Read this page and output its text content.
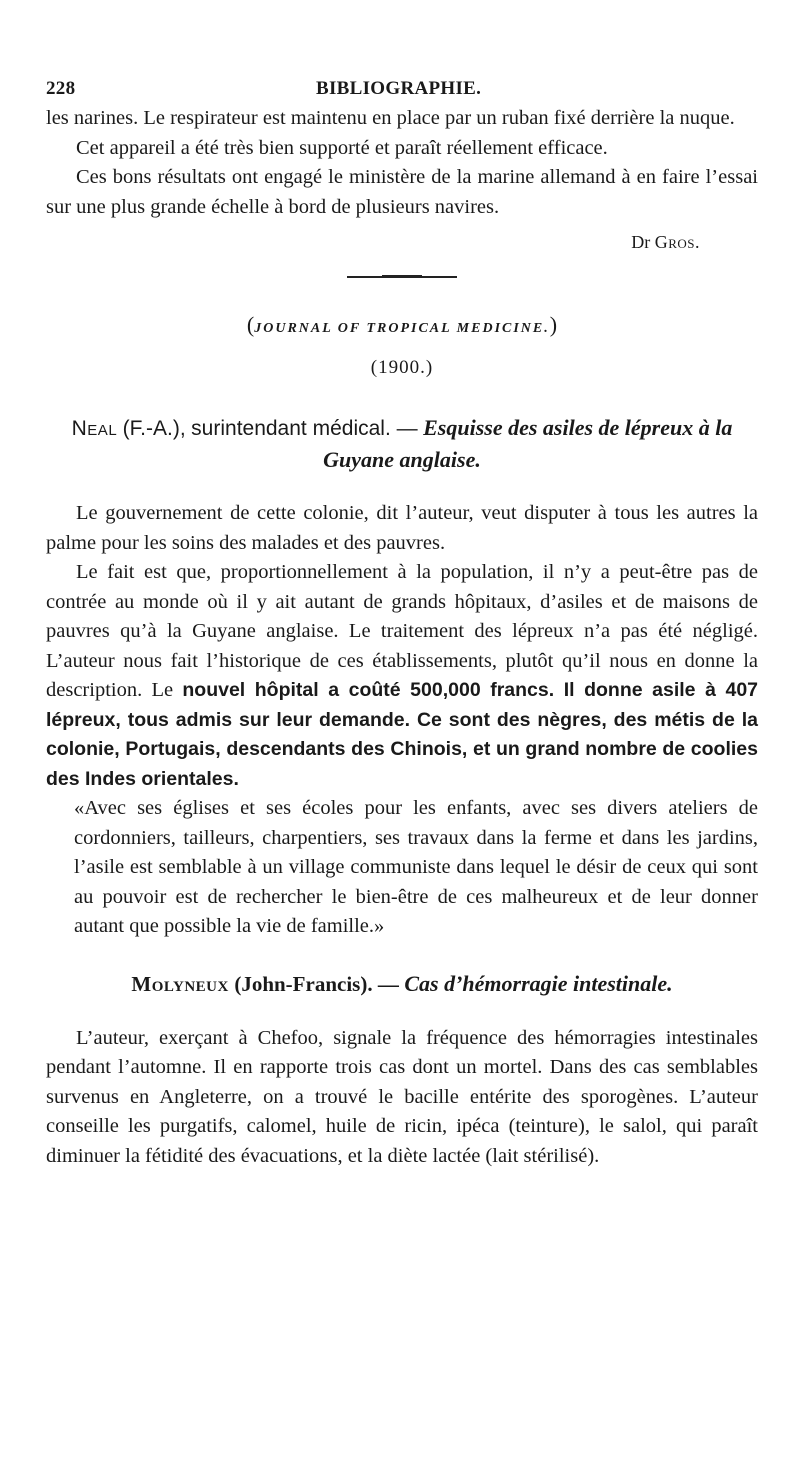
228	BIBLIOGRAPHIE.

les narines. Le respirateur est maintenu en place par un ruban fixé derrière la nuque.

Cet appareil a été très bien supporté et paraît réellement efficace.

Ces bons résultats ont engagé le ministère de la marine allemand à en faire l’essai sur une plus grande échelle à bord de plusieurs navires.

Dr Gros.
(JOURNAL OF TROPICAL MEDICINE.)
(1900.)
Neal (F.-A.), surintendant médical. — Esquisse des asiles de lépreux à la Guyane anglaise.

Le gouvernement de cette colonie, dit l’auteur, veut disputer à tous les autres la palme pour les soins des malades et des pauvres.

Le fait est que, proportionnellement à la population, il n’y a peut-être pas de contrée au monde où il y ait autant de grands hôpitaux, d’asiles et de maisons de pauvres qu’à la Guyane anglaise. Le traitement des lépreux n’a pas été négligé. L’auteur nous fait l’historique de ces établissements, plutôt qu’il nous en donne la description. Le nouvel hôpital a coûté 500,000 francs. Il donne asile à 407 lépreux, tous admis sur leur demande. Ce sont des nègres, des métis de la colonie, Portugais, descendants des Chinois, et un grand nombre de coolies des Indes orientales.

«Avec ses églises et ses écoles pour les enfants, avec ses divers ateliers de cordonniers, tailleurs, charpentiers, ses travaux dans la ferme et dans les jardins, l’asile est semblable à un village communiste dans lequel le désir de ceux qui sont au pouvoir est de rechercher le bien-être de ces malheureux et de leur donner autant que possible la vie de famille.»

Molyneux (John-Francis). — Cas d’hémorragie intestinale.

L’auteur, exerçant à Chefoo, signale la fréquence des hémorragies intestinales pendant l’automne. Il en rapporte trois cas dont un mortel. Dans des cas semblables survenus en Angleterre, on a trouvé le bacille entérite des sporogènes. L’auteur conseille les purgatifs, calomel, huile de ricin, ipéca (teinture), le salol, qui paraît diminuer la fétidité des évacuations, et la diète lactée (lait stérilisé).
